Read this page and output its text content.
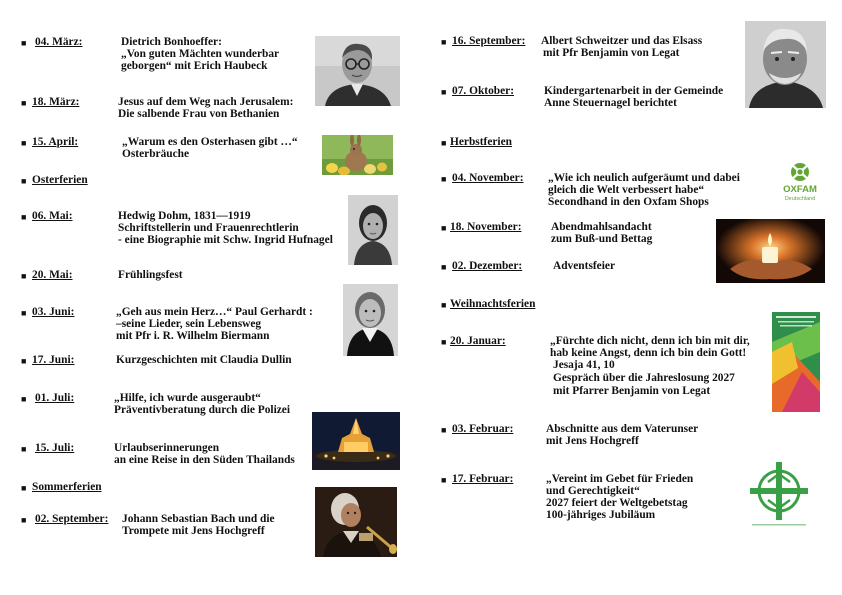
■ 04. März:	Dietrich Bonhoeffer:
„Von guten Mächten wunderbar
geborgen“ mit Erich Haubeck
■ 18. März:	Jesus auf dem Weg nach Jerusalem:
Die salbende Frau von Bethanien
■ 15. April:	„Warum es den Osterhasen gibt …“
Osterbräuche
■ Osterferien
■ 06. Mai:	Hedwig Dohm, 1831—1919
Schriftstellerin und Frauenrechtlerin
- eine Biographie mit Schw. Ingrid Hufnagel
■ 20. Mai:	Frühlingsfest
■ 03. Juni:	„Geh aus mein Herz…“ Paul Gerhardt :
–seine Lieder, sein Lebensweg
mit Pfr i. R. Wilhelm Biermann
■ 17. Juni:	Kurzgeschichten mit Claudia Dullin
■ 01. Juli:	„Hilfe, ich wurde ausgeraubt“
Präventivberatung durch die Polizei
■ 15. Juli:	Urlaubserinnerungen
an eine Reise in den Süden Thailands
■ Sommerferien
■ 02. September: Johann Sebastian Bach und die
Trompete mit Jens Hochgreff
■ 16. September: Albert Schweitzer und das Elsass
mit Pfr Benjamin von Legat
■ 07. Oktober:	Kindergartenarbeit in der Gemeinde
Anne Steuernagel berichtet
■ Herbstferien
■ 04. November: „Wie ich neulich aufgeräumt und dabei
gleich die Welt verbessert habe“
Secondhand in den Oxfam Shops
■ 18. November:	Abendmahlsandacht
zum Buß-und Bettag
■ 02. Dezember:	Adventsfeier
■ Weihnachtsferien
■ 20. Januar:	„Fürchte dich nicht, denn ich bin mit dir,
hab keine Angst, denn ich bin dein Gott!
Jesaja 41, 10
Gespräch über die Jahreslosung 2027
mit Pfarrer Benjamin von Legat
■ 03. Februar:	Abschnitte aus dem Vaterunser
mit Jens Hochgreff
■ 17. Februar:	„Vereint im Gebet für Frieden
und Gerechtigkeit“
2027 feiert der Weltgebetstag
100-jähriges Jubiläum
OXFAM
Deutschland
